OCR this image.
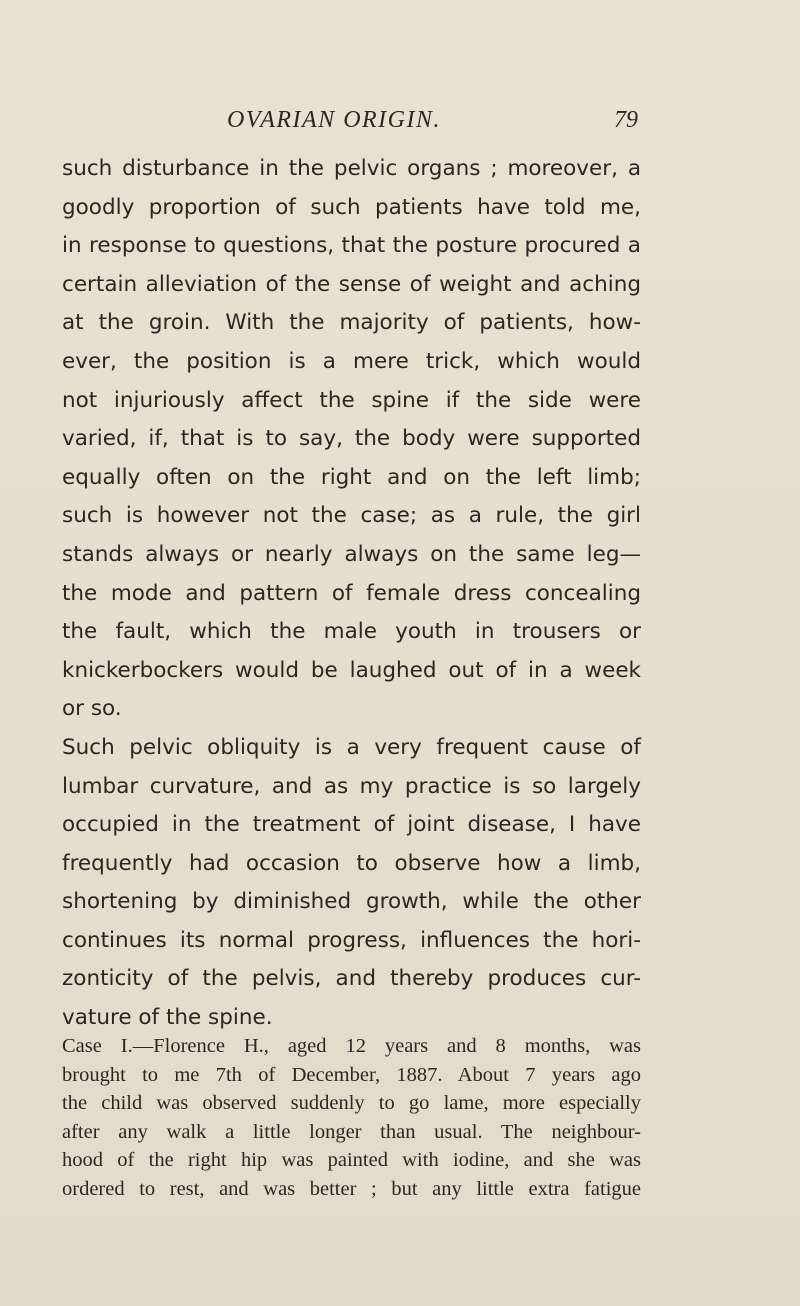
OVARIAN ORIGIN.	79
such disturbance in the pelvic organs ; moreover, a
goodly proportion of such patients have told me,
in response to questions, that the posture procured a
certain alleviation of the sense of weight and aching
at the groin. With the majority of patients, how-
ever, the position is a mere trick, which would
not injuriously affect the spine if the side were
varied, if, that is to say, the body were supported
equally often on the right and on the left limb;
such is however not the case; as a rule, the girl
stands always or nearly always on the same leg—
the mode and pattern of female dress concealing
the fault, which the male youth in trousers or
knickerbockers would be laughed out of in a week
or so.
Such pelvic obliquity is a very frequent cause of
lumbar curvature, and as my practice is so largely
occupied in the treatment of joint disease, I have
frequently had occasion to observe how a limb,
shortening by diminished growth, while the other
continues its normal progress, influences the hori-
zonticity of the pelvis, and thereby produces cur-
vature of the spine.
Case I.—Florence H., aged 12 years and 8 months, was
brought to me 7th of December, 1887. About 7 years ago
the child was observed suddenly to go lame, more especially
after any walk a little longer than usual. The neighbour-
hood of the right hip was painted with iodine, and she was
ordered to rest, and was better ; but any little extra fatigue
